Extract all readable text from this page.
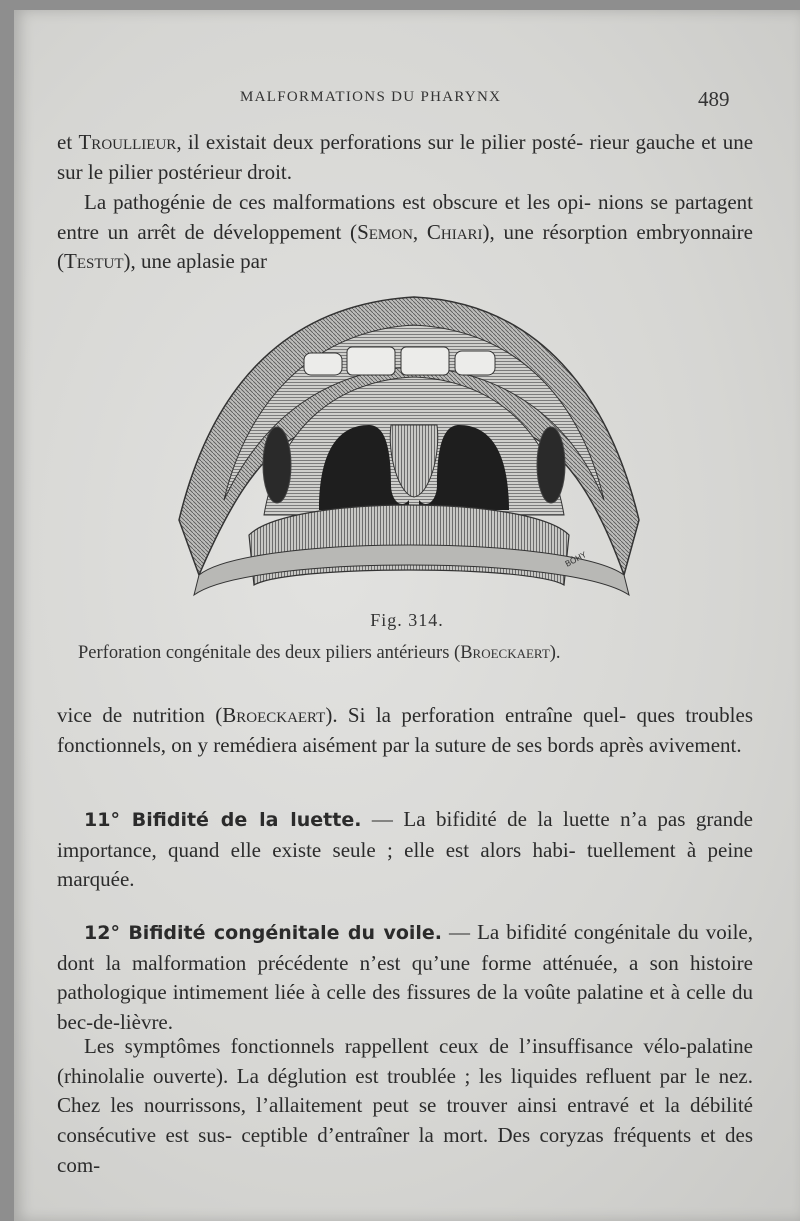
MALFORMATIONS DU PHARYNX	489

et Troullieur, il existait deux perforations sur le pilier posté- rieur gauche et une sur le pilier postérieur droit.

La pathogénie de ces malformations est obscure et les opi- nions se partagent entre un arrêt de développement (Semon, Chiari), une résorption embryonnaire (Testut), une aplasie par

BÖHY
Fig. 314.
Perforation congénitale des deux piliers antérieurs (Broeckaert).

vice de nutrition (Broeckaert). Si la perforation entraîne quel- ques troubles fonctionnels, on y remédiera aisément par la suture de ses bords après avivement.

11° Bifidité de la luette. — La bifidité de la luette n’a pas grande importance, quand elle existe seule ; elle est alors habi- tuellement à peine marquée.

12° Bifidité congénitale du voile. — La bifidité congénitale du voile, dont la malformation précédente n’est qu’une forme atténuée, a son histoire pathologique intimement liée à celle des fissures de la voûte palatine et à celle du bec-de-lièvre.

Les symptômes fonctionnels rappellent ceux de l’insuffisance vélo-palatine (rhinolalie ouverte). La déglution est troublée ; les liquides refluent par le nez. Chez les nourrissons, l’allaitement peut se trouver ainsi entravé et la débilité consécutive est sus- ceptible d’entraîner la mort. Des coryzas fréquents et des com-
